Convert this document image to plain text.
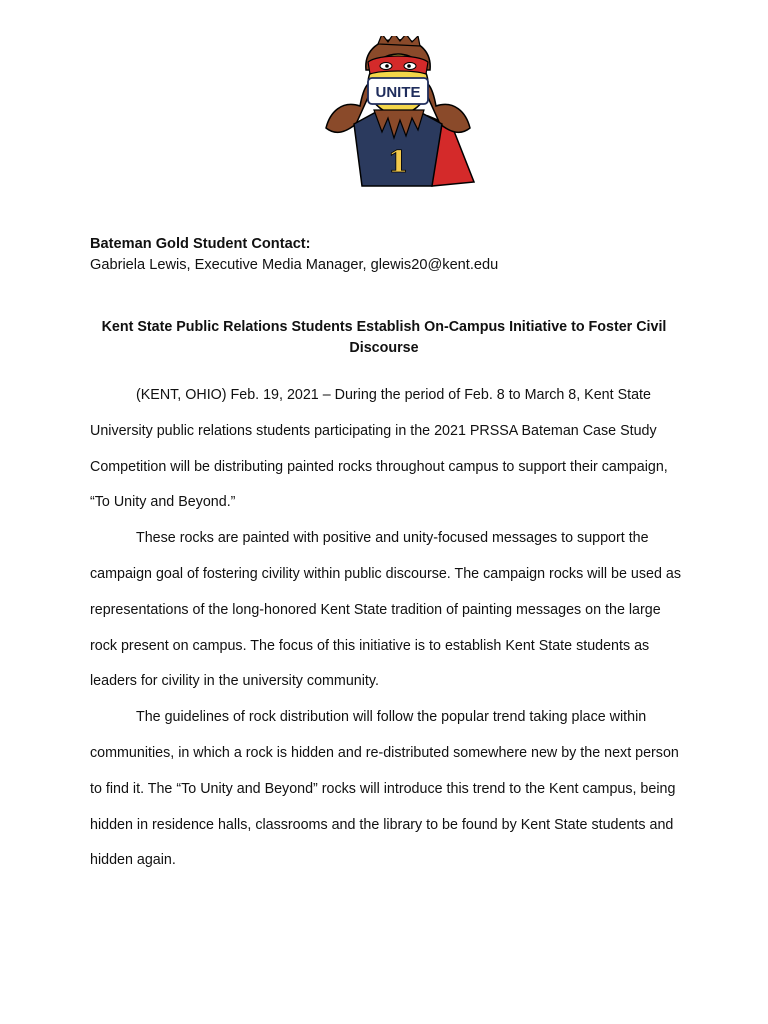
1
UNITE
Bateman Gold Student Contact:
Gabriela Lewis, Executive Media Manager, glewis20@kent.edu
Kent State Public Relations Students Establish On-Campus Initiative to Foster Civil Discourse

(KENT, OHIO) Feb. 19, 2021 – During the period of Feb. 8 to March 8, Kent State University public relations students participating in the 2021 PRSSA Bateman Case Study Competition will be distributing painted rocks throughout campus to support their campaign, “To Unity and Beyond.”

These rocks are painted with positive and unity-focused messages to support the campaign goal of fostering civility within public discourse. The campaign rocks will be used as representations of the long-honored Kent State tradition of painting messages on the large rock present on campus. The focus of this initiative is to establish Kent State students as leaders for civility in the university community.

The guidelines of rock distribution will follow the popular trend taking place within communities, in which a rock is hidden and re-distributed somewhere new by the next person to find it. The “To Unity and Beyond” rocks will introduce this trend to the Kent campus, being hidden in residence halls, classrooms and the library to be found by Kent State students and hidden again.
